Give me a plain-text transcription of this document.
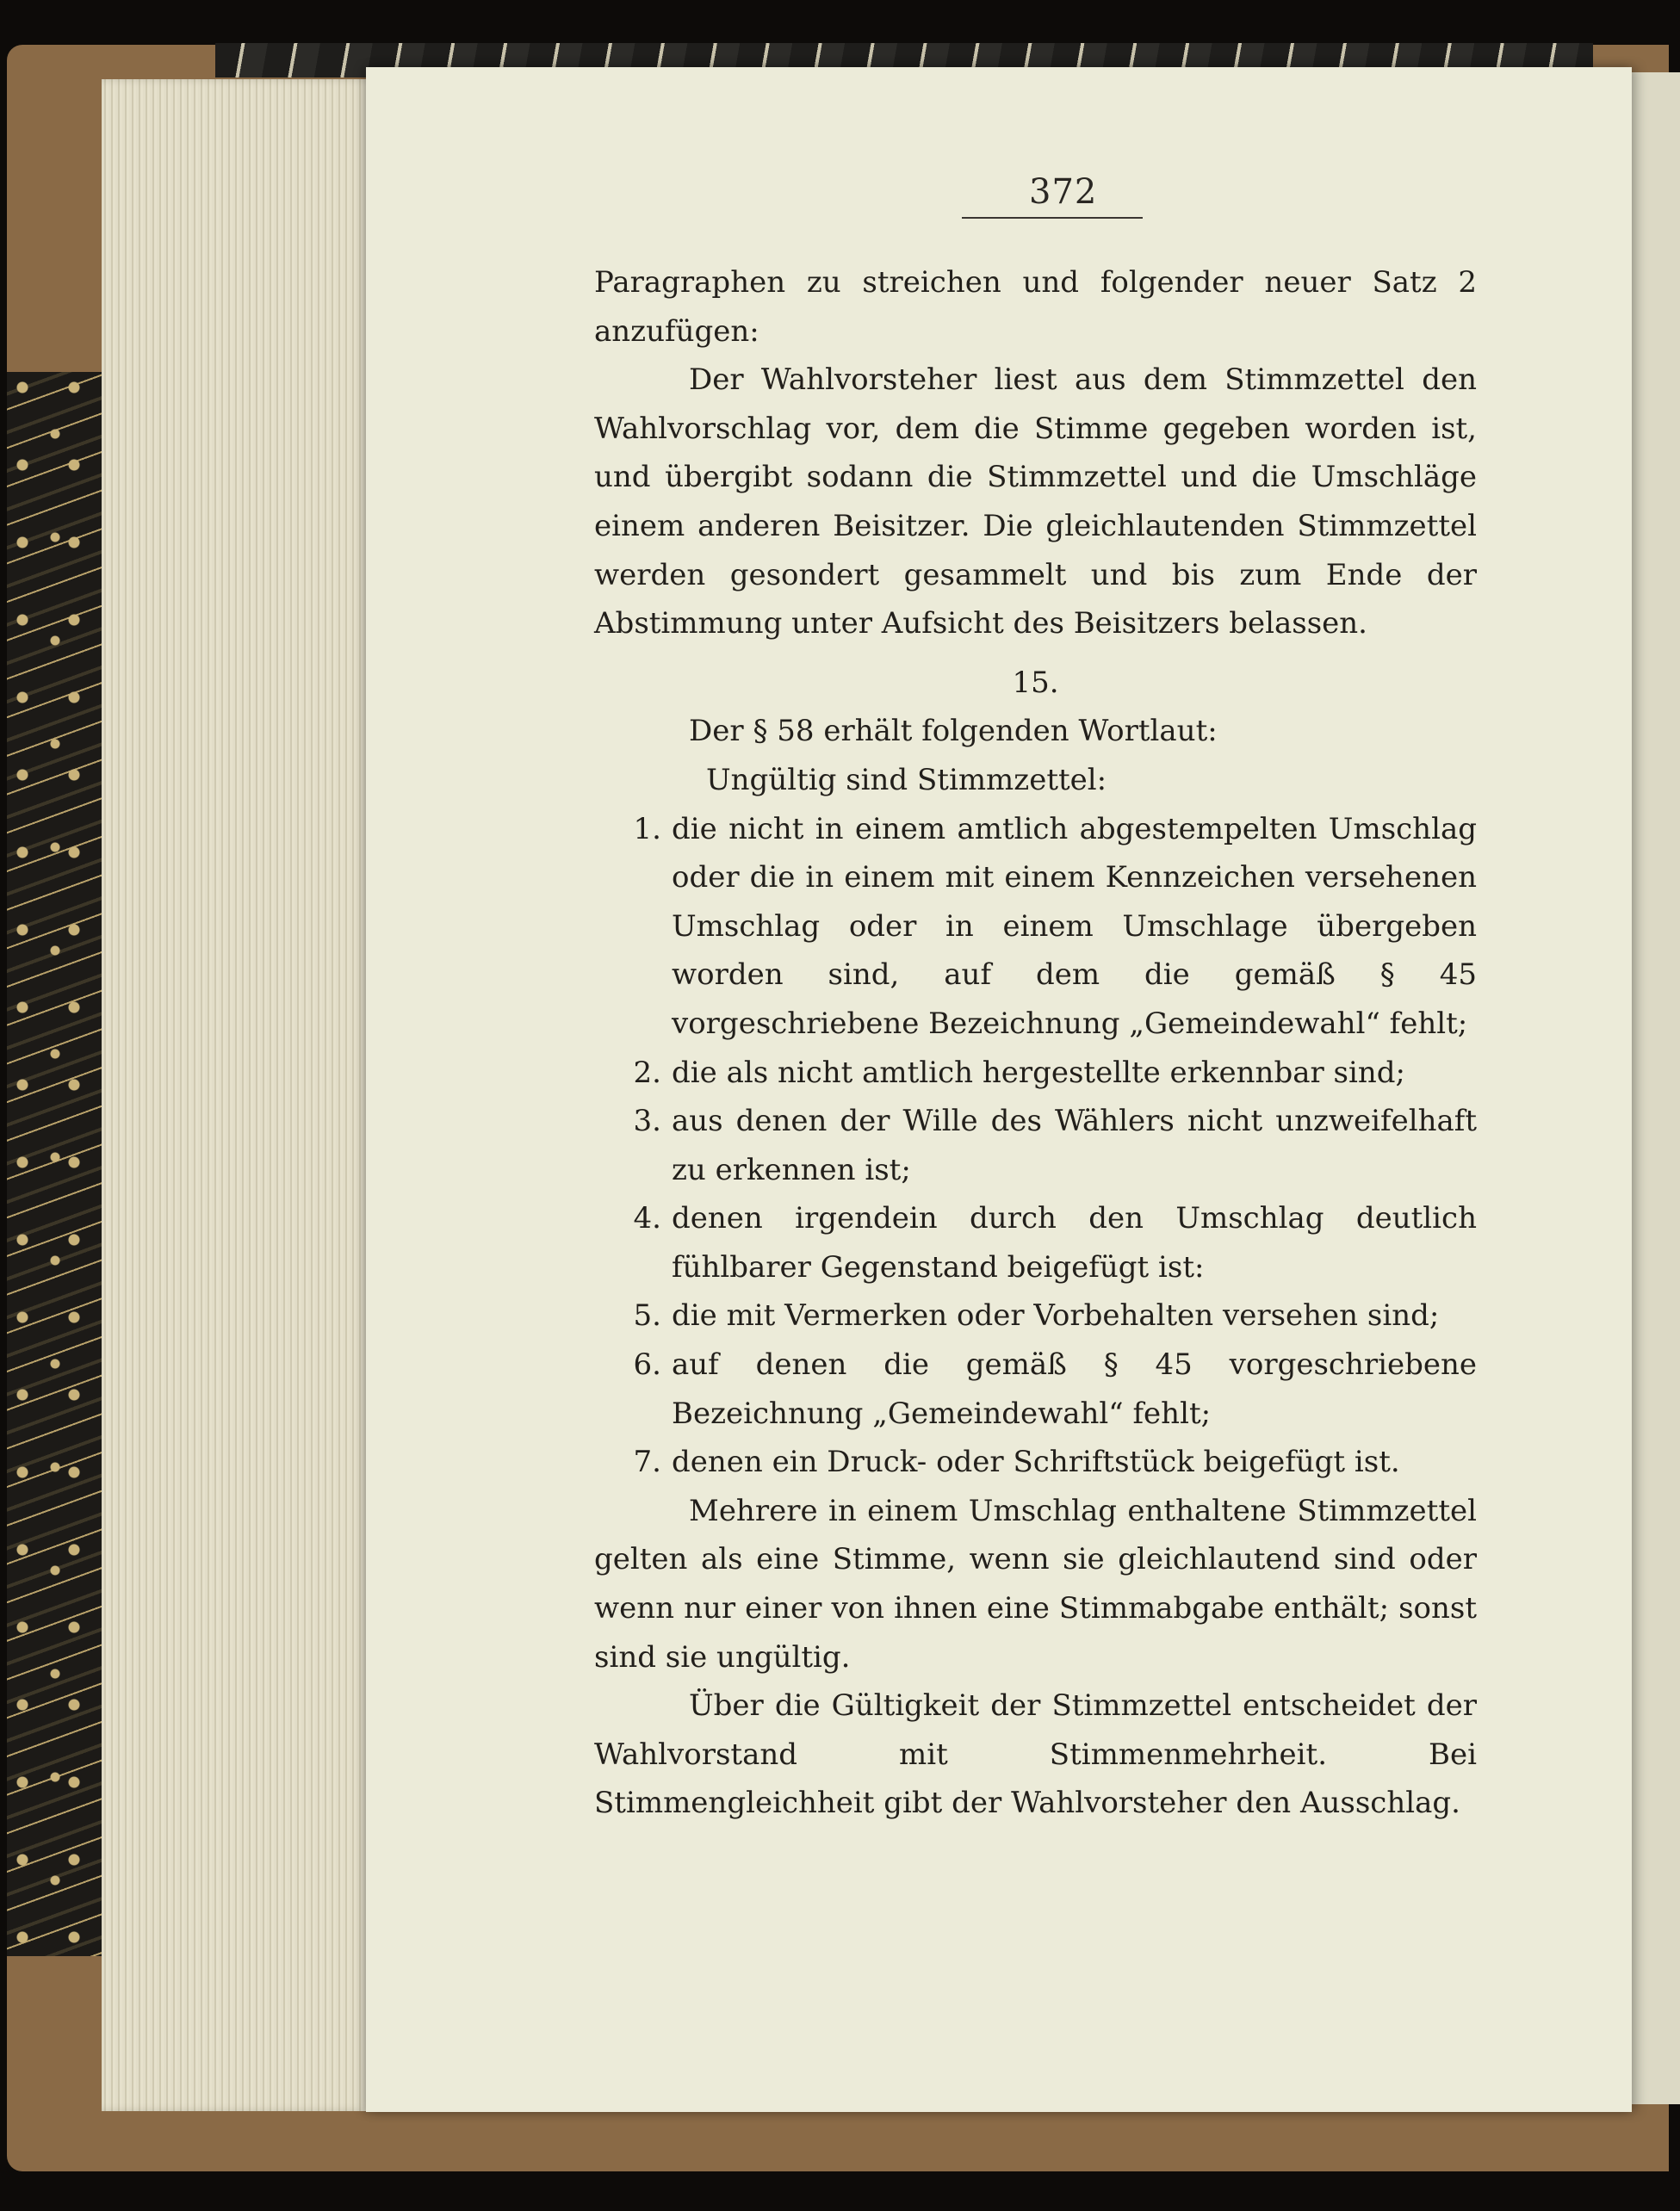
372

Paragraphen zu streichen und folgender neuer Satz 2 anzufügen:

Der Wahlvorsteher liest aus dem Stimmzettel den Wahlvorschlag vor, dem die Stimme gegeben worden ist, und übergibt sodann die Stimmzettel und die Umschläge einem anderen Beisitzer. Die gleichlautenden Stimmzettel werden gesondert gesammelt und bis zum Ende der Abstimmung unter Aufsicht des Beisitzers belassen.

15.

Der § 58 erhält folgenden Wortlaut:

Ungültig sind Stimmzettel:

1. die nicht in einem amtlich abgestempelten Umschlag oder die in einem mit einem Kennzeichen versehenen Umschlag oder in einem Umschlage übergeben worden sind, auf dem die gemäß § 45 vorgeschriebene Bezeichnung „Gemeindewahl“ fehlt;
2. die als nicht amtlich hergestellte erkennbar sind;
3. aus denen der Wille des Wählers nicht unzweifelhaft zu erkennen ist;
4. denen irgendein durch den Umschlag deutlich fühlbarer Gegenstand beigefügt ist:
5. die mit Vermerken oder Vorbehalten versehen sind;
6. auf denen die gemäß § 45 vorgeschriebene Bezeichnung „Gemeindewahl“ fehlt;
7. denen ein Druck- oder Schriftstück beigefügt ist.

Mehrere in einem Umschlag enthaltene Stimmzettel gelten als eine Stimme, wenn sie gleichlautend sind oder wenn nur einer von ihnen eine Stimmabgabe enthält; sonst sind sie ungültig.

Über die Gültigkeit der Stimmzettel entscheidet der Wahlvorstand mit Stimmenmehrheit. Bei Stimmengleichheit gibt der Wahlvorsteher den Ausschlag.
